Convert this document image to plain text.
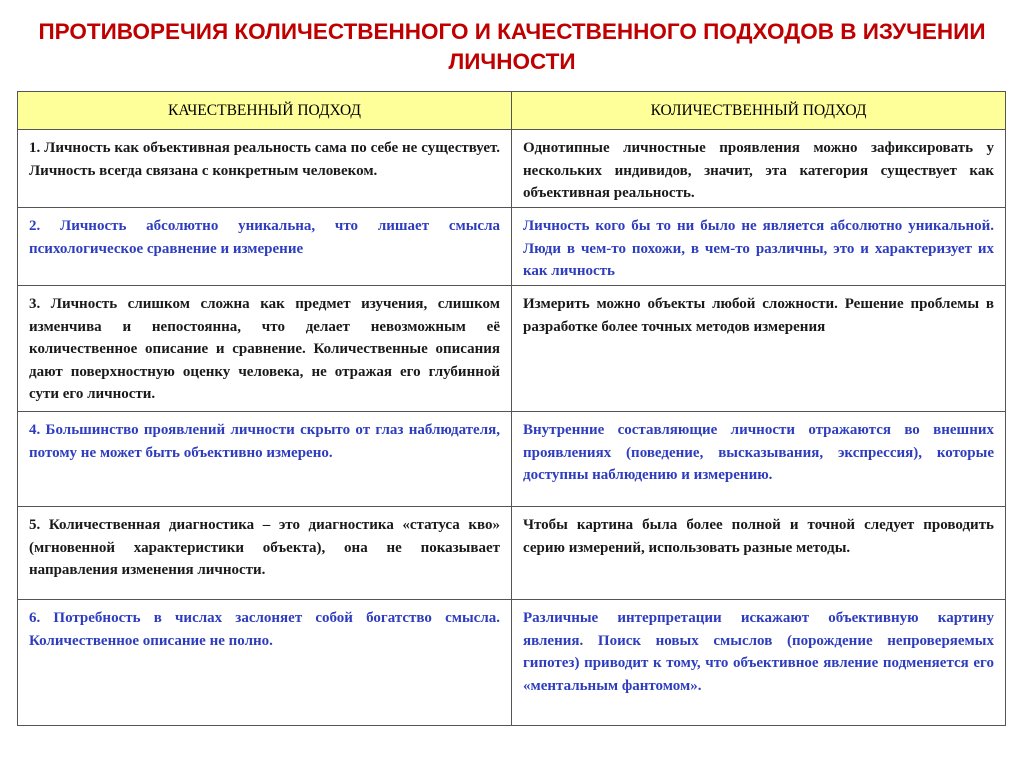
ПРОТИВОРЕЧИЯ КОЛИЧЕСТВЕННОГО И КАЧЕСТВЕННОГО ПОДХОДОВ В ИЗУЧЕНИИ ЛИЧНОСТИ
КАЧЕСТВЕННЫЙ ПОДХОД	КОЛИЧЕСТВЕННЫЙ ПОДХОД

1. Личность как объективная реальность сама по себе не существует. Личность всегда связана с конкретным человеком.	Однотипные личностные проявления можно зафиксировать у нескольких индивидов, значит, эта категория существует как объективная реальность.

2. Личность абсолютно уникальна, что лишает смысла психологическое сравнение и измерение	Личность кого бы то ни было не является абсолютно уникальной. Люди в чем-то похожи, в чем-то различны, это и характеризует их как личность

3. Личность слишком сложна как предмет изучения, слишком изменчива и непостоянна, что делает невозможным её количественное описание и сравнение. Количественные описания дают поверхностную оценку человека, не отражая его глубинной сути его личности.	Измерить можно объекты любой сложности. Решение проблемы в разработке более точных методов измерения

4. Большинство проявлений личности скрыто от глаз наблюдателя, потому не может быть объективно измерено.	Внутренние составляющие личности отражаются во внешних проявлениях (поведение, высказывания, экспрессия), которые доступны наблюдению и измерению.

5. Количественная диагностика – это диагностика «статуса кво» (мгновенной характеристики объекта), она не показывает направления изменения личности.	Чтобы картина была более полной и точной следует проводить серию измерений, использовать разные методы.

6. Потребность в числах заслоняет собой богатство смысла. Количественное описание не полно.	Различные интерпретации искажают объективную картину явления. Поиск новых смыслов (порождение непроверяемых гипотез) приводит к тому, что объективное явление подменяется его «ментальным фантомом».
